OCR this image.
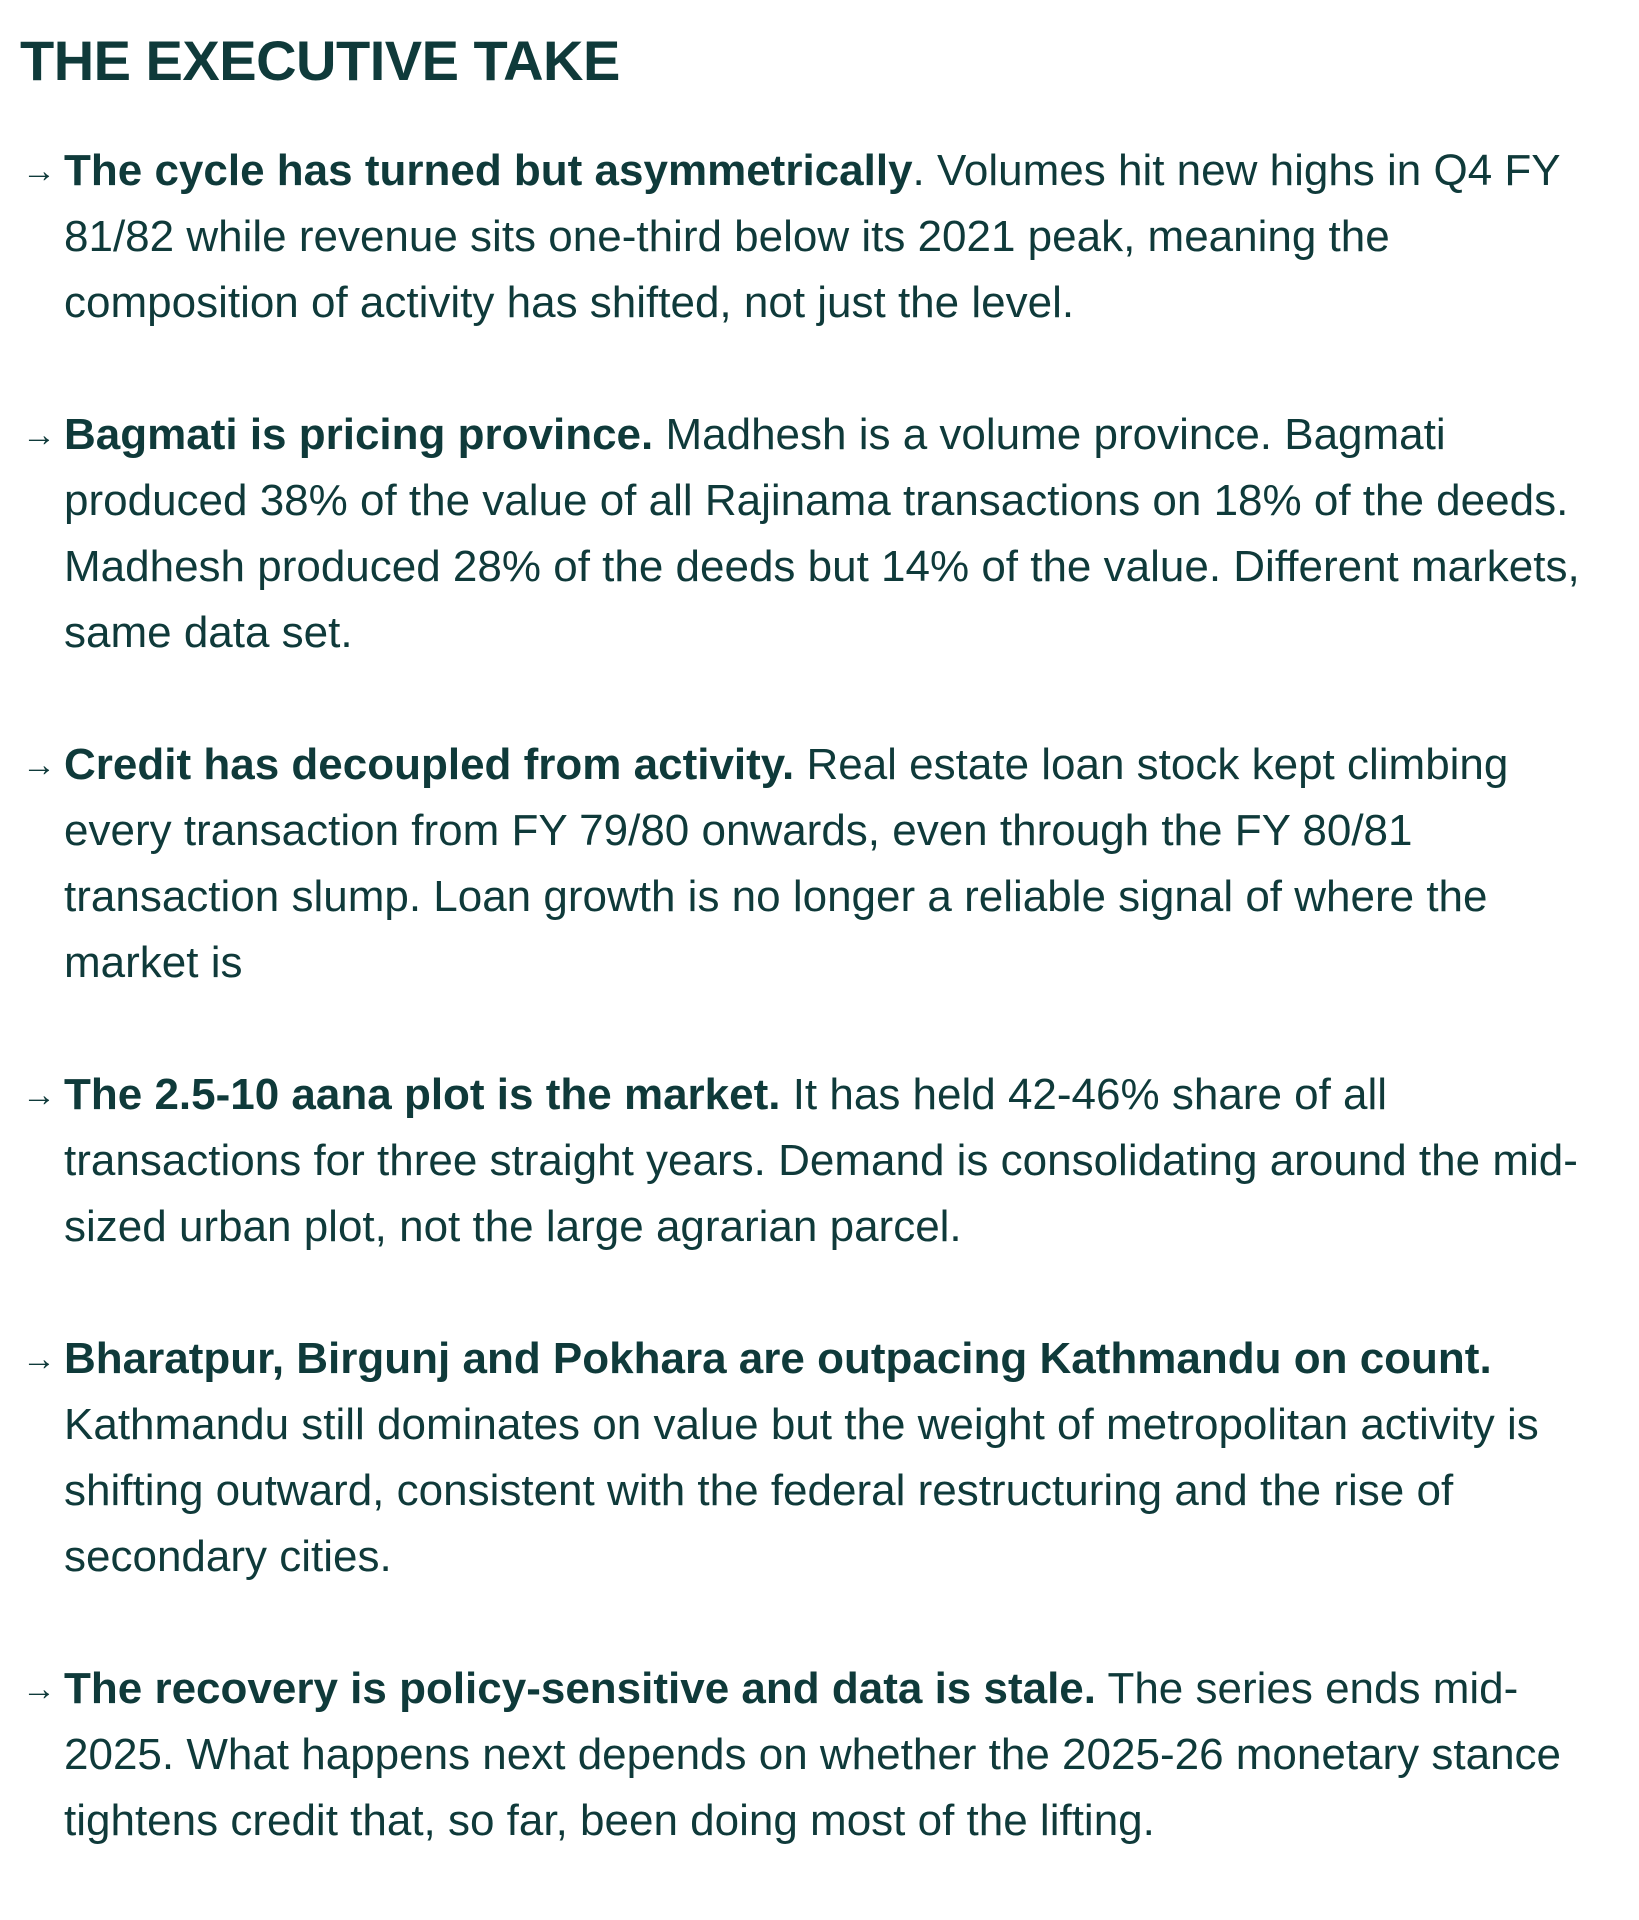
THE EXECUTIVE TAKE
→ The cycle has turned but asymmetrically. Volumes hit new highs in Q4 FY 81/82 while revenue sits one-third below its 2021 peak, meaning the composition of activity has shifted, not just the level.
→ Bagmati is pricing province. Madhesh is a volume province. Bagmati produced 38% of the value of all Rajinama transactions on 18% of the deeds. Madhesh produced 28% of the deeds but 14% of the value. Different markets, same data set.
→ Credit has decoupled from activity. Real estate loan stock kept climbing every transaction from FY 79/80 onwards, even through the FY 80/81 transaction slump. Loan growth is no longer a reliable signal of where the market is
→ The 2.5-10 aana plot is the market. It has held 42-46% share of all transactions for three straight years. Demand is consolidating around the mid-sized urban plot, not the large agrarian parcel.
→ Bharatpur, Birgunj and Pokhara are outpacing Kathmandu on count. Kathmandu still dominates on value but the weight of metropolitan activity is shifting outward, consistent with the federal restructuring and the rise of secondary cities.
→ The recovery is policy-sensitive and data is stale. The series ends mid-2025. What happens next depends on whether the 2025-26 monetary stance tightens credit that, so far, been doing most of the lifting.
